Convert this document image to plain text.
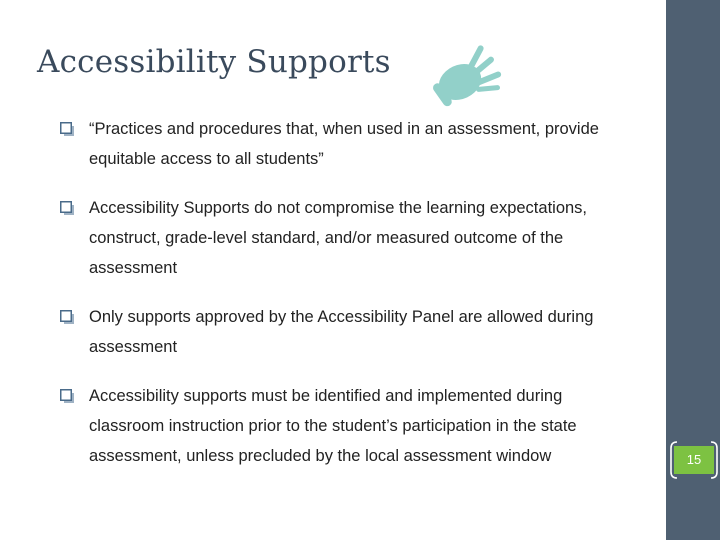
Accessibility Supports
“Practices and procedures that, when used in an assessment, provide equitable access to all students”
Accessibility Supports do not compromise the learning expectations, construct, grade-level standard, and/or measured outcome of the assessment
Only supports approved by the Accessibility Panel are allowed during assessment
Accessibility supports must be identified and implemented during classroom instruction prior to the student’s participation in the state assessment, unless precluded by the local assessment window	15
